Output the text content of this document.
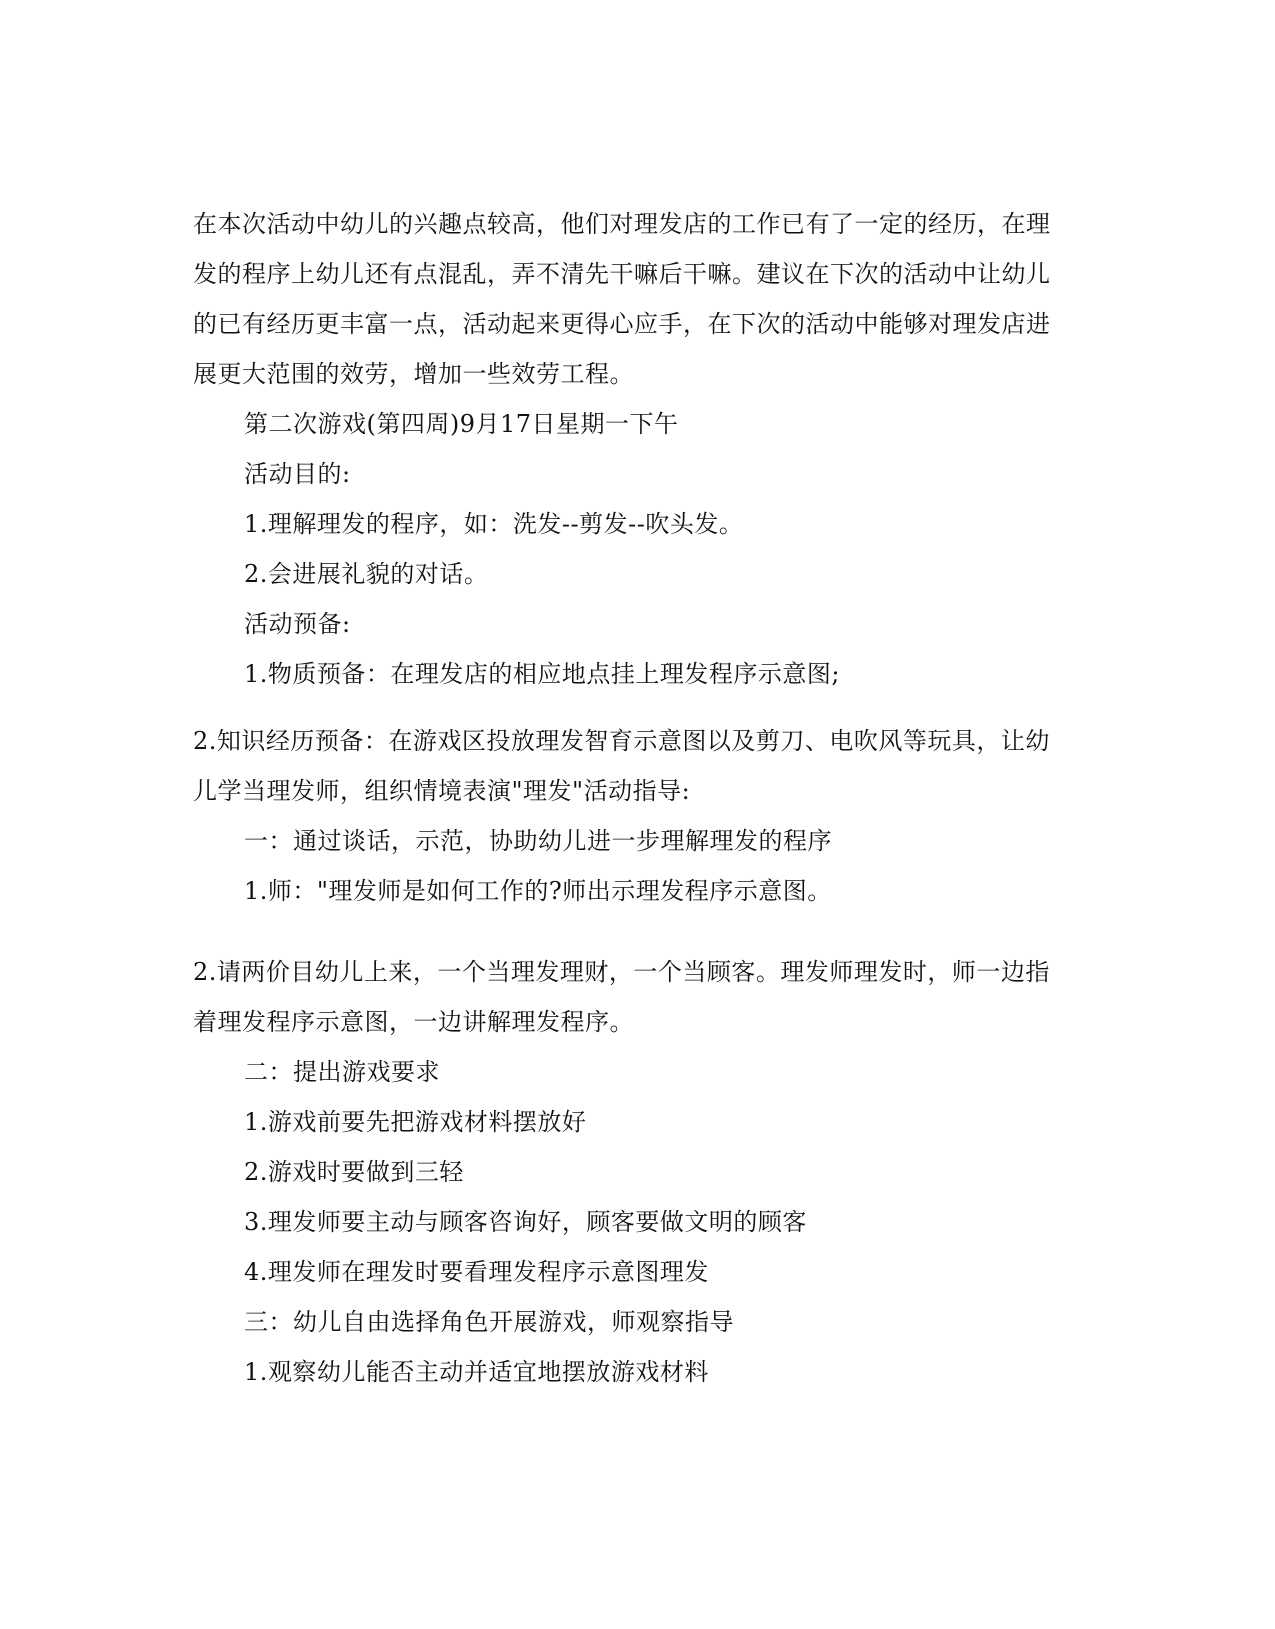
在本次活动中幼儿的兴趣点较高，他们对理发店的工作已有了一定的经历，在理
发的程序上幼儿还有点混乱，弄不清先干嘛后干嘛。建议在下次的活动中让幼儿
的已有经历更丰富一点，活动起来更得心应手，在下次的活动中能够对理发店进
展更大范围的效劳，增加一些效劳工程。
第二次游戏(第四周)9月17日星期一下午
活动目的:
1.理解理发的程序，如：洗发--剪发--吹头发。
2.会进展礼貌的对话。
活动预备:
1.物质预备：在理发店的相应地点挂上理发程序示意图;
2.知识经历预备：在游戏区投放理发智育示意图以及剪刀、电吹风等玩具，让幼
儿学当理发师，组织情境表演"理发"活动指导:
一：通过谈话，示范，协助幼儿进一步理解理发的程序
1.师："理发师是如何工作的?师出示理发程序示意图。
2.请两价目幼儿上来，一个当理发理财，一个当顾客。理发师理发时，师一边指
着理发程序示意图，一边讲解理发程序。
二：提出游戏要求
1.游戏前要先把游戏材料摆放好
2.游戏时要做到三轻
3.理发师要主动与顾客咨询好，顾客要做文明的顾客
4.理发师在理发时要看理发程序示意图理发
三：幼儿自由选择角色开展游戏，师观察指导
1.观察幼儿能否主动并适宜地摆放游戏材料
